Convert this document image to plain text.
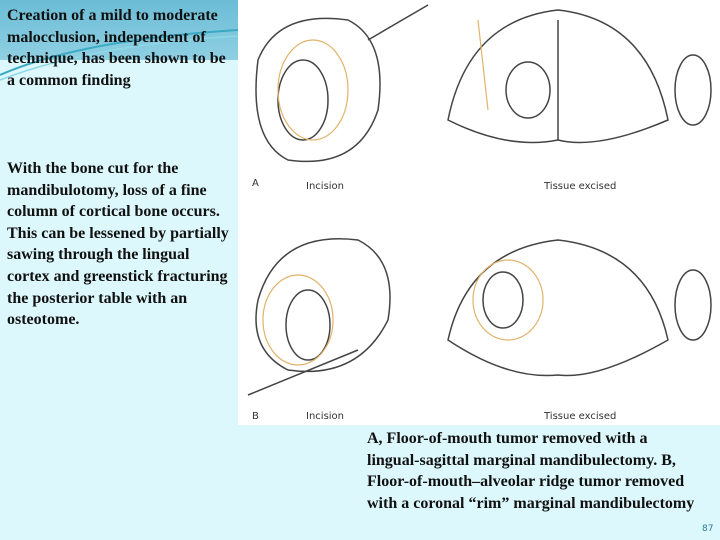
Creation of a mild to moderate malocclusion, independent of technique, has been shown to be a common finding
With the bone cut for the mandibulotomy, loss of a fine column of cortical bone occurs. This can be lessened by partially sawing through the lingual cortex and greenstick fracturing the posterior table with an osteotome.
A	Incision	Tissue excised
B	Incision	Tissue excised
A, Floor-of-mouth tumor removed with a lingual-sagittal marginal mandibulectomy. B, Floor-of-mouth–alveolar ridge tumor removed with a coronal “rim” marginal mandibulectomy
87
